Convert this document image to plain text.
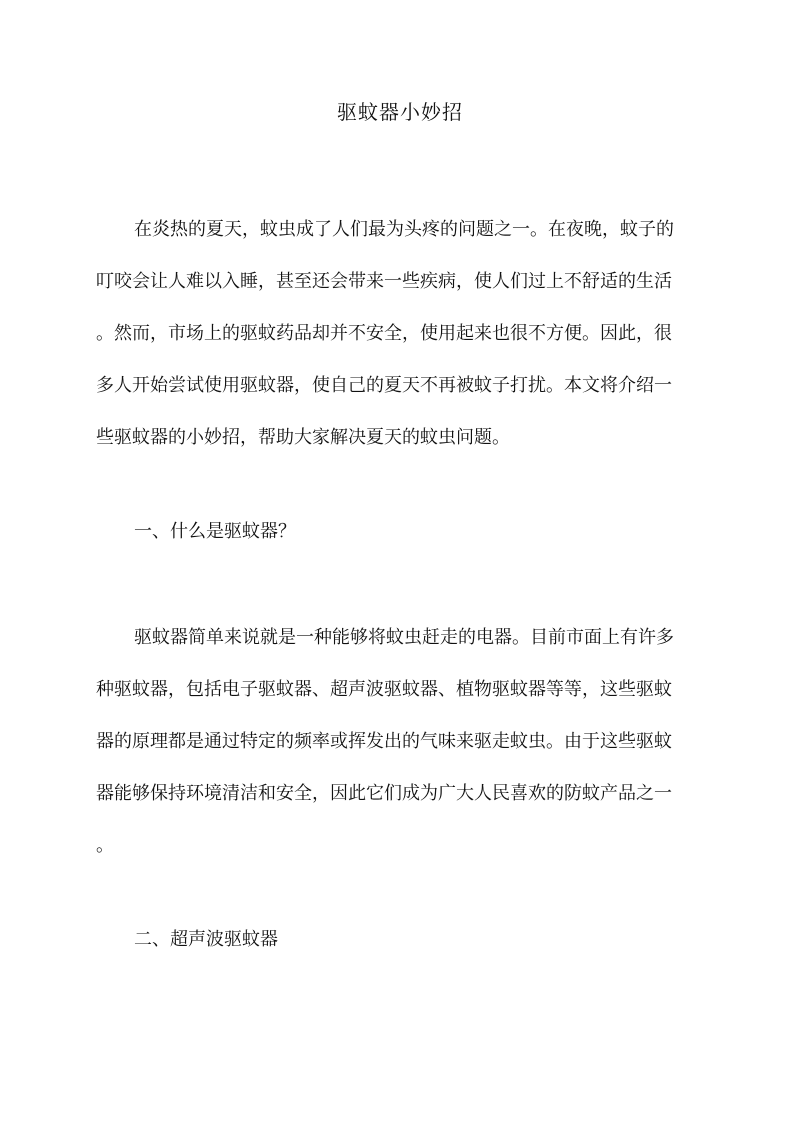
驱蚊器小妙招
在炎热的夏天，蚊虫成了人们最为头疼的问题之一。在夜晚，蚊子的
叮咬会让人难以入睡，甚至还会带来一些疾病，使人们过上不舒适的生活
。然而，市场上的驱蚊药品却并不安全，使用起来也很不方便。因此，很
多人开始尝试使用驱蚊器，使自己的夏天不再被蚊子打扰。本文将介绍一
些驱蚊器的小妙招，帮助大家解决夏天的蚊虫问题。
一、什么是驱蚊器？
驱蚊器简单来说就是一种能够将蚊虫赶走的电器。目前市面上有许多
种驱蚊器，包括电子驱蚊器、超声波驱蚊器、植物驱蚊器等等，这些驱蚊
器的原理都是通过特定的频率或挥发出的气味来驱走蚊虫。由于这些驱蚊
器能够保持环境清洁和安全，因此它们成为广大人民喜欢的防蚊产品之一
。
二、超声波驱蚊器
